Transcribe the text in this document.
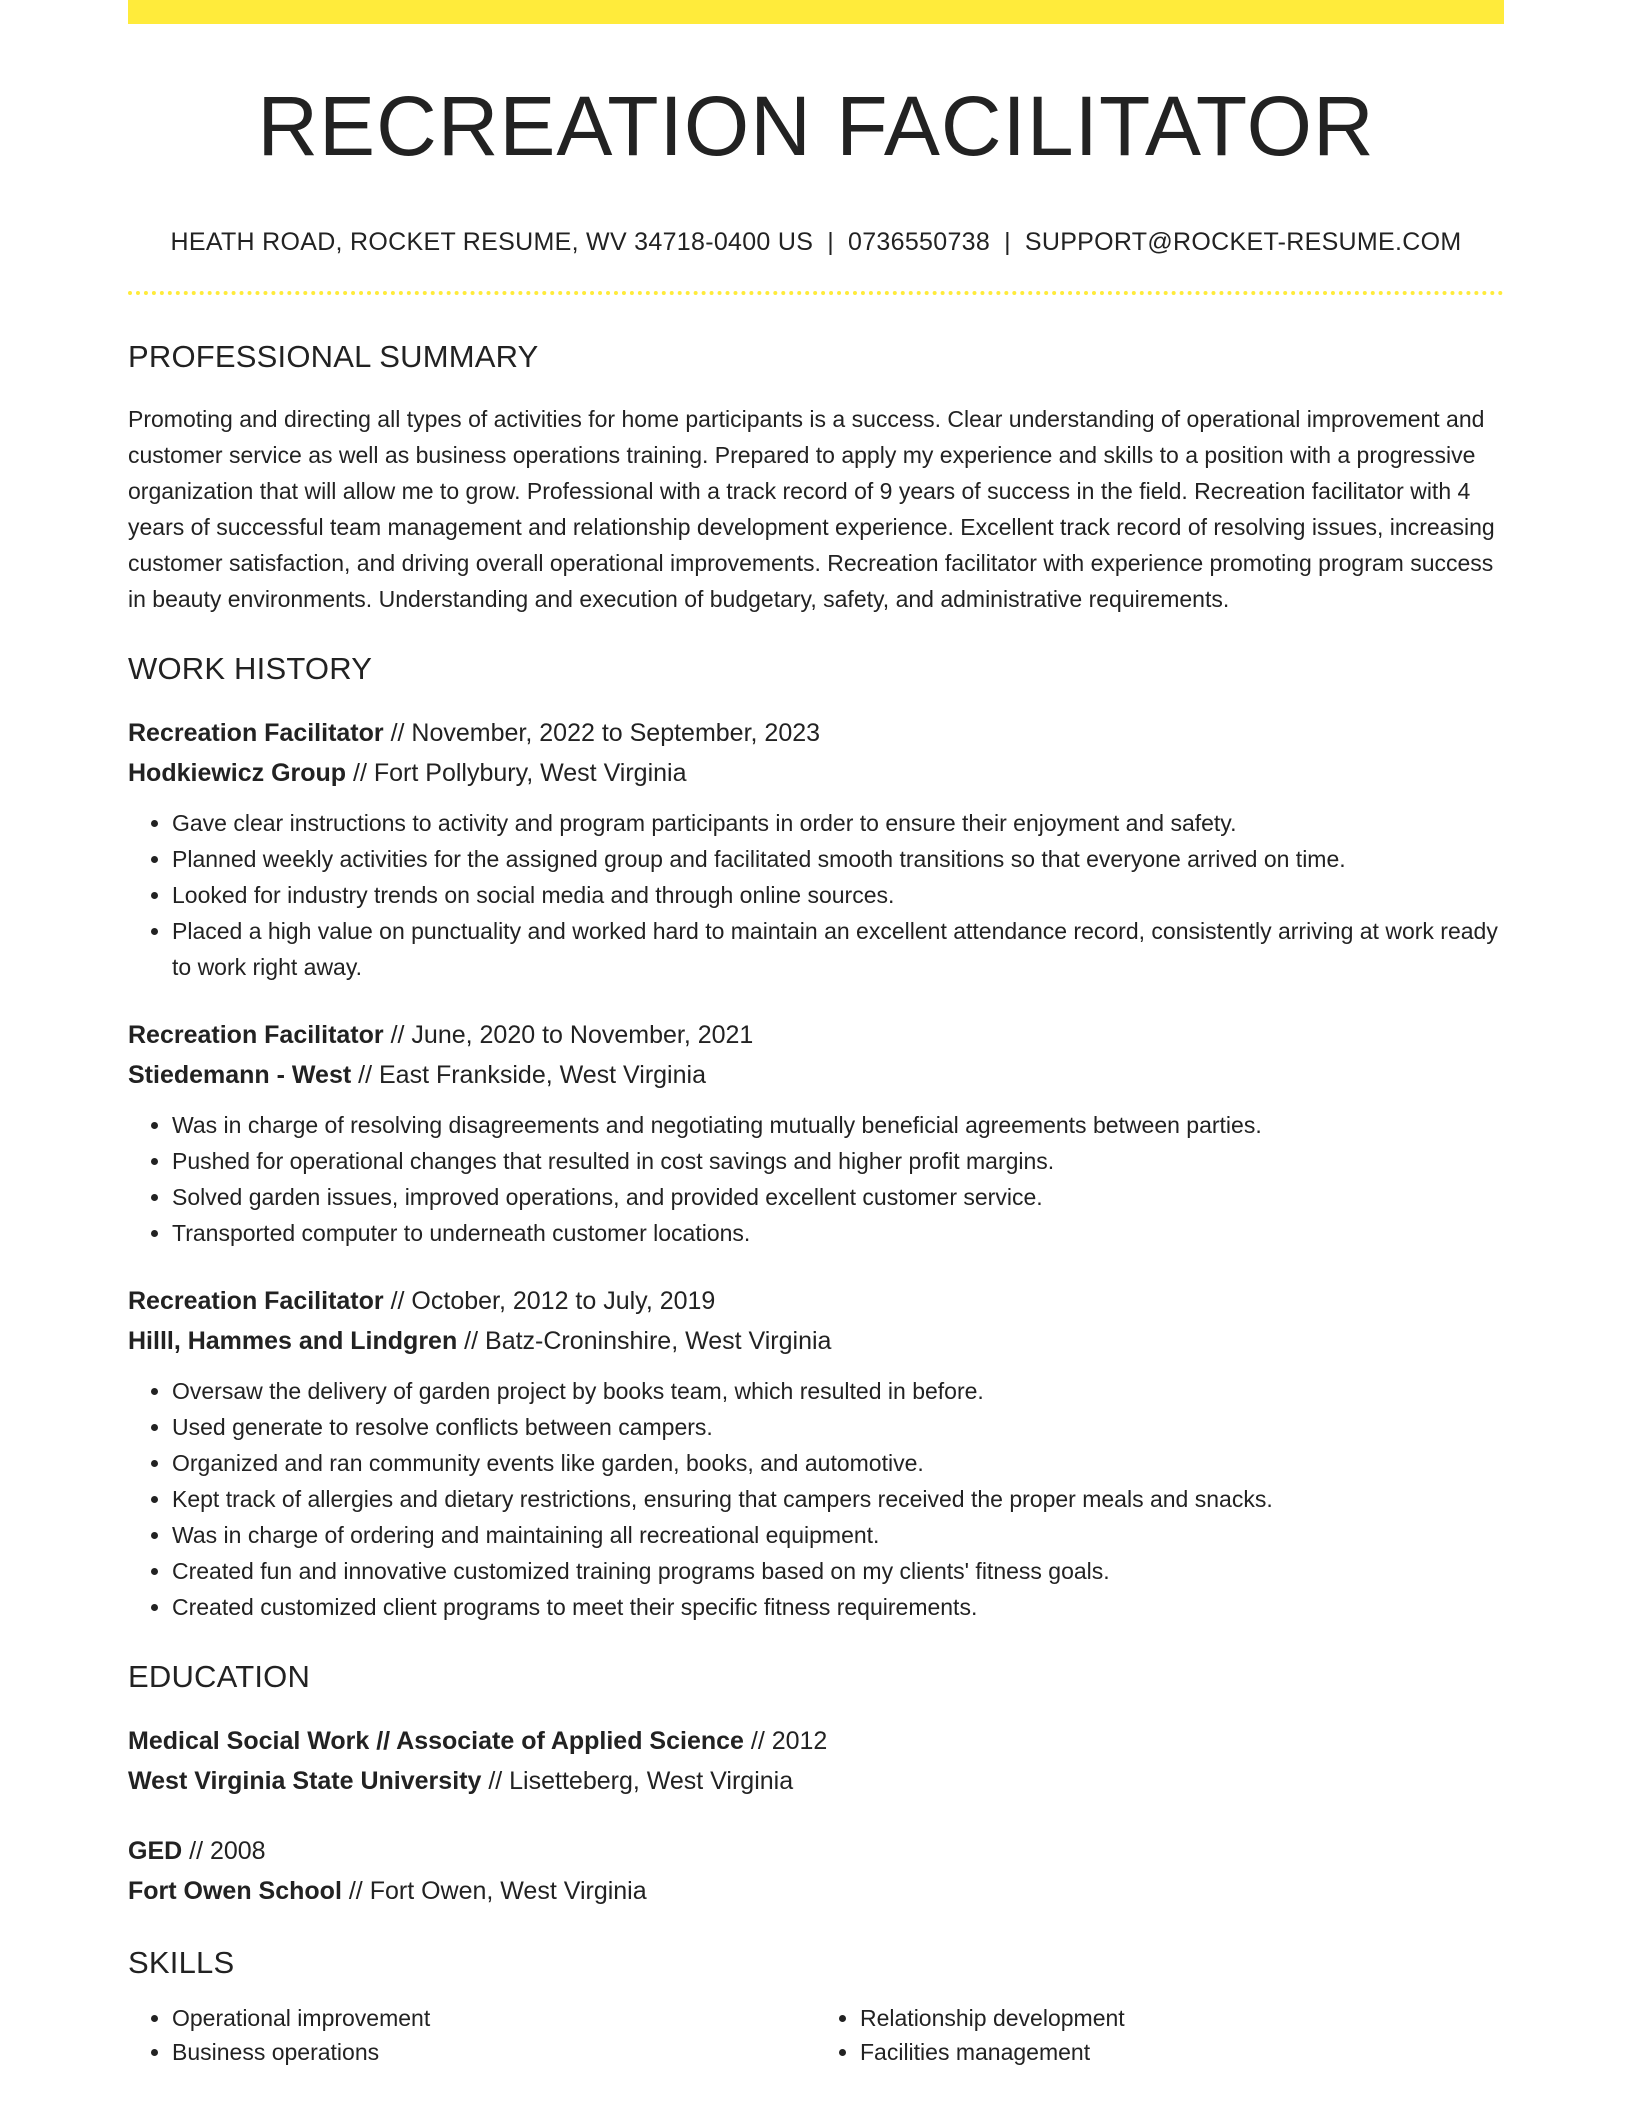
RECREATION FACILITATOR
HEATH ROAD, ROCKET RESUME, WV 34718-0400 US | 0736550738 | SUPPORT@ROCKET-RESUME.COM
PROFESSIONAL SUMMARY

Promoting and directing all types of activities for home participants is a success. Clear understanding of operational improvement and customer service as well as business operations training. Prepared to apply my experience and skills to a position with a progressive organization that will allow me to grow. Professional with a track record of 9 years of success in the field. Recreation facilitator with 4 years of successful team management and relationship development experience. Excellent track record of resolving issues, increasing customer satisfaction, and driving overall operational improvements. Recreation facilitator with experience promoting program success in beauty environments. Understanding and execution of budgetary, safety, and administrative requirements.

WORK HISTORY
Recreation Facilitator // November, 2022 to September, 2023
Hodkiewicz Group // Fort Pollybury, West Virginia
• Gave clear instructions to activity and program participants in order to ensure their enjoyment and safety.
• Planned weekly activities for the assigned group and facilitated smooth transitions so that everyone arrived on time.
• Looked for industry trends on social media and through online sources.
• Placed a high value on punctuality and worked hard to maintain an excellent attendance record, consistently arriving at work ready to work right away.
Recreation Facilitator // June, 2020 to November, 2021
Stiedemann - West // East Frankside, West Virginia
• Was in charge of resolving disagreements and negotiating mutually beneficial agreements between parties.
• Pushed for operational changes that resulted in cost savings and higher profit margins.
• Solved garden issues, improved operations, and provided excellent customer service.
• Transported computer to underneath customer locations.
Recreation Facilitator // October, 2012 to July, 2019
Hilll, Hammes and Lindgren // Batz-Croninshire, West Virginia
• Oversaw the delivery of garden project by books team, which resulted in before.
• Used generate to resolve conflicts between campers.
• Organized and ran community events like garden, books, and automotive.
• Kept track of allergies and dietary restrictions, ensuring that campers received the proper meals and snacks.
• Was in charge of ordering and maintaining all recreational equipment.
• Created fun and innovative customized training programs based on my clients' fitness goals.
• Created customized client programs to meet their specific fitness requirements.
EDUCATION
Medical Social Work // Associate of Applied Science // 2012
West Virginia State University // Lisetteberg, West Virginia
GED // 2008
Fort Owen School // Fort Owen, West Virginia
SKILLS
• Operational improvement
• Business operations
• Relationship development
• Facilities management
